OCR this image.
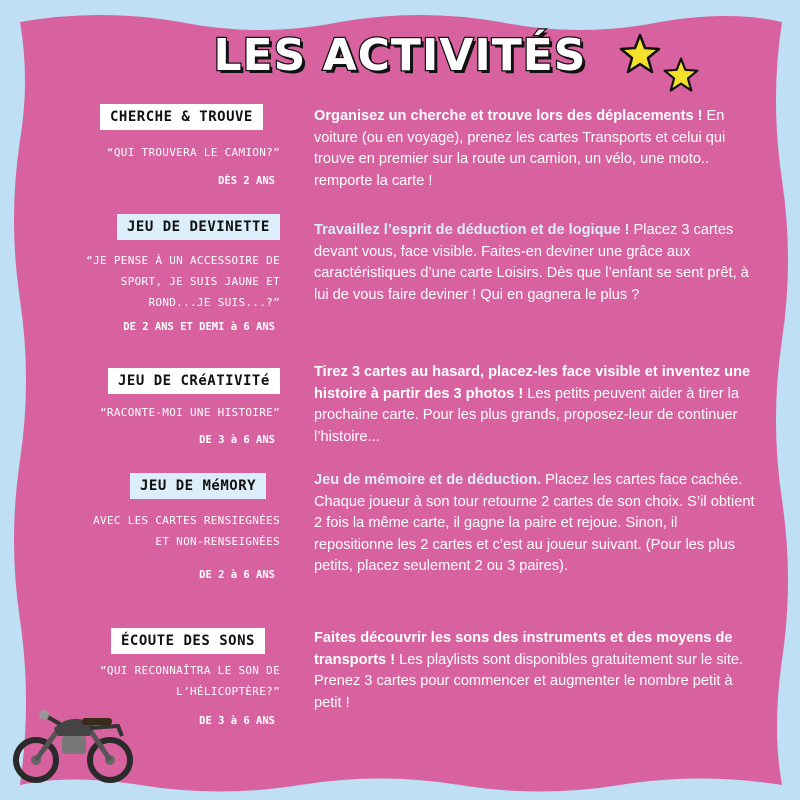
LES ACTIVITÉS
CHERCHE & TROUVE
“QUI TROUVERA LE CAMION?”
DÈS 2 ANS
Organisez un cherche et trouve lors des déplacements ! En voiture (ou en voyage), prenez les cartes Transports et celui qui trouve en premier sur la route un camion, un vélo, une moto.. remporte la carte !
JEU DE DEVINETTE
“JE PENSE À UN ACCESSOIRE DE
SPORT, JE SUIS JAUNE ET
ROND...JE SUIS...?”
DE 2 ANS ET DEMI à 6 ANS
Travaillez l’esprit de déduction et de logique ! Placez 3 cartes devant vous, face visible. Faites-en deviner une grâce aux caractéristiques d’une carte Loisirs. Dès que l’enfant se sent prêt, à lui de vous faire deviner ! Qui en gagnera le plus ?
JEU DE CRéATIVITé
“RACONTE-MOI UNE HISTOIRE”
DE 3 à 6 ANS
Tirez 3 cartes au hasard, placez-les face visible et inventez une histoire à partir des 3 photos ! Les petits peuvent aider à tirer la prochaine carte. Pour les plus grands, proposez-leur de continuer l’histoire...
JEU DE MéMORY
AVEC LES CARTES RENSIEGNÉES
ET NON-RENSEIGNÉES
DE 2 à 6 ANS
Jeu de mémoire et de déduction. Placez les cartes face cachée. Chaque joueur à son tour retourne 2 cartes de son choix. S’il obtient 2 fois la même carte, il gagne la paire et rejoue. Sinon, il repositionne les 2 cartes et c’est au joueur suivant. (Pour les plus petits, placez seulement 2 ou 3 paires).
ÉCOUTE DES SONS
“QUI RECONNAÎTRA LE SON DE
L’HÉLICOPTÈRE?”
DE 3 à 6 ANS
Faites découvrir les sons des instruments et des moyens de transports ! Les playlists sont disponibles gratuitement sur le site. Prenez 3 cartes pour commencer et augmenter le nombre petit à petit !
